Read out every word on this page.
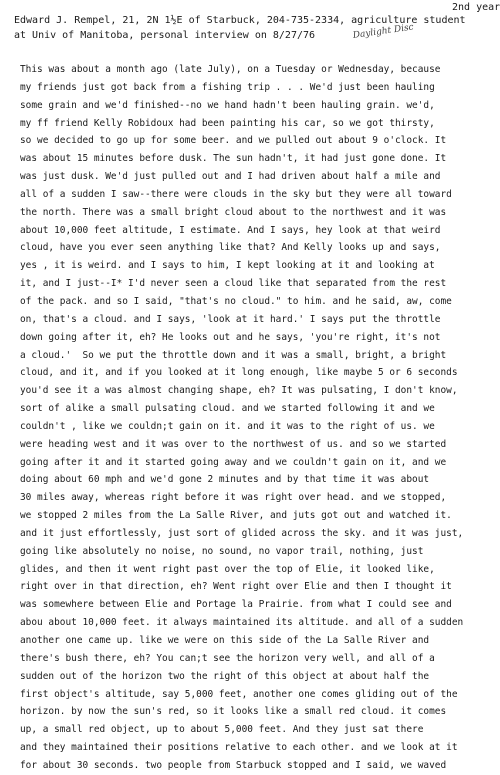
2nd year
Edward J. Rempel, 21, 2N 1½E of Starbuck, 204-735-2334, agriculture student
at Univ of Manitoba, personal interview on 8/27/76	Daylight Disc
This was about a month ago (late July), on a Tuesday or Wednesday, because
my friends just got back from a fishing trip . . . We'd just been hauling
some grain and we'd finished--no we hand hadn't been hauling grain. we'd,
my ff friend Kelly Robidoux had been painting his car, so we got thirsty,
so we decided to go up for some beer. and we pulled out about 9 o'clock. It
was about 15 minutes before dusk. The sun hadn't, it had just gone done. It
was just dusk. We'd just pulled out and I had driven about half a mile and
all of a sudden I saw--there were clouds in the sky but they were all toward
the north. There was a small bright cloud about to the northwest and it was
about 10,000 feet altitude, I estimate. And I says, hey look at that weird
cloud, have you ever seen anything like that? And Kelly looks up and says,
yes , it is weird. and I says to him, I kept looking at it and looking at
it, and I just--I* I'd never seen a cloud like that separated from the rest
of the pack. and so I said, "that's no cloud." to him. and he said, aw, come
on, that's a cloud. and I says, 'look at it hard.' I says put the throttle
down going after it, eh? He looks out and he says, 'you're right, it's not
a cloud.'  So we put the throttle down and it was a small, bright, a bright
cloud, and it, and if you looked at it long enough, like maybe 5 or 6 seconds
you'd see it a was almost changing shape, eh? It was pulsating, I don't know,
sort of alike a small pulsating cloud. and we started following it and we
couldn't , like we couldn;t gain on it. and it was to the right of us. we
were heading west and it was over to the northwest of us. and so we started
going after it and it started going away and we couldn't gain on it, and we
doing about 60 mph and we'd gone 2 minutes and by that time it was about
30 miles away, whereas right before it was right over head. and we stopped,
we stopped 2 miles from the La Salle River, and juts got out and watched it.
and it just effortlessly, just sort of glided across the sky. and it was just,
going like absolutely no noise, no sound, no vapor trail, nothing, just
glides, and then it went right past over the top of Elie, it looked like,
right over in that direction, eh? Went right over Elie and then I thought it
was somewhere between Elie and Portage la Prairie. from what I could see and
abou about 10,000 feet. it always maintained its altitude. and all of a sudden
another one came up. like we were on this side of the La Salle River and
there's bush there, eh? You can;t see the horizon very well, and all of a
sudden out of the horizon two the right of this object at about half the
first object's altitude, say 5,000 feet, another one comes gliding out of the
horizon. by now the sun's red, so it looks like a small red cloud. it comes
up, a small red object, up to about 5,000 feet. And they just sat there
and they maintained their positions relative to each other. and we look at it
for about 30 seconds. two people from Starbuck stopped and I said, we waved
